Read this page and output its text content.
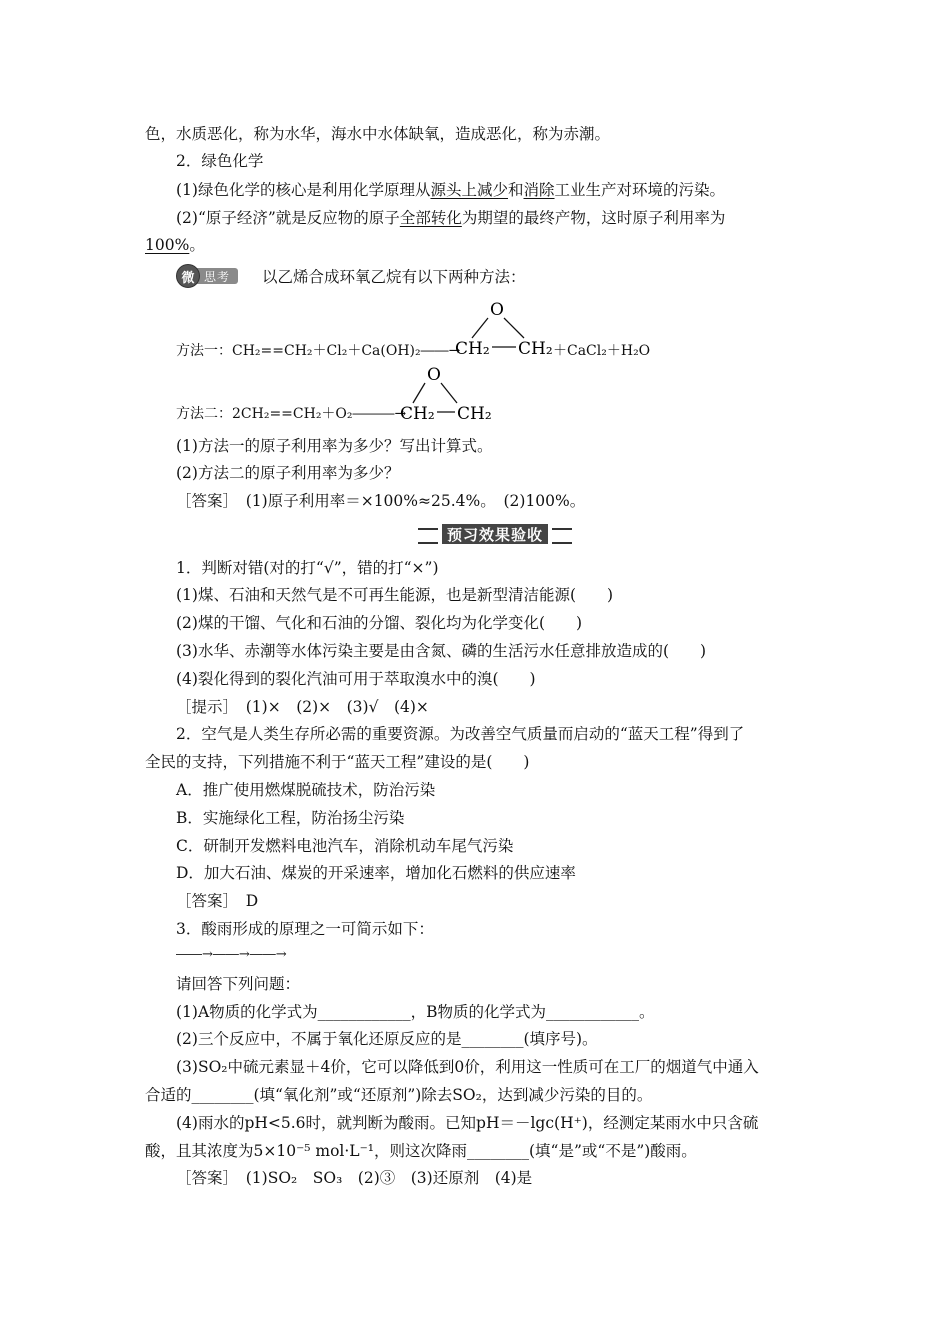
色，水质恶化，称为水华，海水中水体缺氧，造成恶化，称为赤潮。
2．绿色化学
(1)绿色化学的核心是利用化学原理从源头上减少和消除工业生产对环境的污染。
(2)“原子经济”就是反应物的原子全部转化为期望的最终产物，这时原子利用率为
100%。
微 思考	以乙烯合成环氧乙烷有以下两种方法：
方法一：CH₂==CH₂＋Cl₂＋Ca(OH)₂――→
O
CH₂ CH₂ ＋CaCl₂＋H₂O
方法二：2CH₂==CH₂＋O₂―――→
O
CH₂ CH₂
(1)方法一的原子利用率为多少？写出计算式。
(2)方法二的原子利用率为多少？
［答案］　(1)原子利用率＝×100%≈25.4%。　(2)100%。
预习效果验收
1．判断对错(对的打“√”，错的打“×”)
(1)煤、石油和天然气是不可再生能源，也是新型清洁能源(　　)
(2)煤的干馏、气化和石油的分馏、裂化均为化学变化(　　)
(3)水华、赤潮等水体污染主要是由含氮、磷的生活污水任意排放造成的(　　)
(4)裂化得到的裂化汽油可用于萃取溴水中的溴(　　)
［提示］　(1)×　(2)×　(3)√　(4)×
2．空气是人类生存所必需的重要资源。为改善空气质量而启动的“蓝天工程”得到了
全民的支持，下列措施不利于“蓝天工程”建设的是(　　)
A．推广使用燃煤脱硫技术，防治污染
B．实施绿化工程，防治扬尘污染
C．研制开发燃料电池汽车，消除机动车尾气污染
D．加大石油、煤炭的开采速率，增加化石燃料的供应速率
［答案］　D
3．酸雨形成的原理之一可简示如下：
――→――→――→
请回答下列问题：
(1)A物质的化学式为____________，B物质的化学式为____________。
(2)三个反应中，不属于氧化还原反应的是________(填序号)。
(3)SO₂中硫元素显＋4价，它可以降低到0价，利用这一性质可在工厂的烟道气中通入
合适的________(填“氧化剂”或“还原剂”)除去SO₂，达到减少污染的目的。
(4)雨水的pH<5.6时，就判断为酸雨。已知pH＝－lgc(H⁺)，经测定某雨水中只含硫
酸，且其浓度为5×10⁻⁵ mol·L⁻¹，则这次降雨________(填“是”或“不是”)酸雨。
［答案］　(1)SO₂　SO₃　(2)③　(3)还原剂　(4)是
